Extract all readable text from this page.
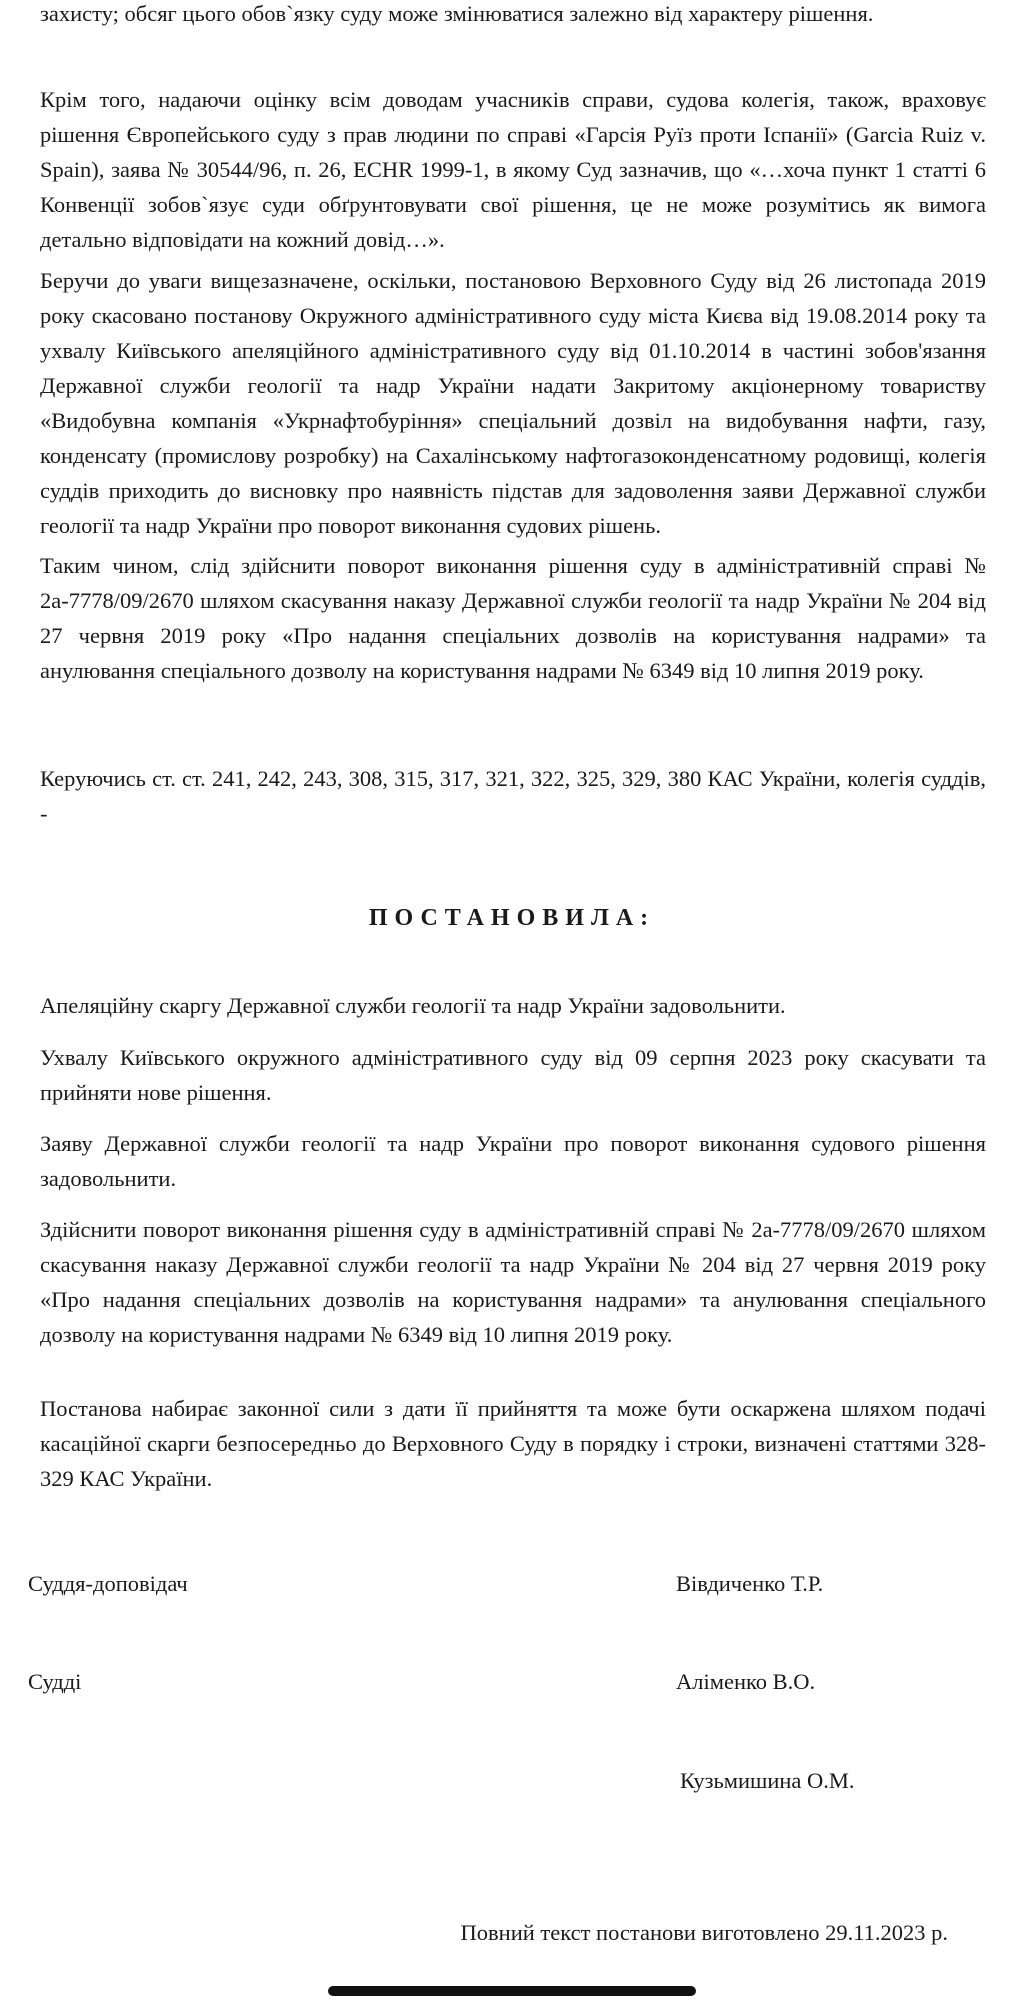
захисту; обсяг цього обов`язку суду може змінюватися залежно від характеру рішення.

Крім того, надаючи оцінку всім доводам учасників справи, судова колегія, також, враховує рішення Європейського суду з прав людини по справі «Гарсія Руїз проти Іспанії» (Garcia Ruiz v. Spain), заява № 30544/96, п. 26, ECHR 1999-1, в якому Суд зазначив, що «…хоча пункт 1 статті 6 Конвенції зобов`язує суди обґрунтовувати свої рішення, це не може розумітись як вимога детально відповідати на кожний довід…».

Беручи до уваги вищезазначене, оскільки, постановою Верховного Суду від 26 листопада 2019 року скасовано постанову Окружного адміністративного суду міста Києва від 19.08.2014 року та ухвалу Київського апеляційного адміністративного суду від 01.10.2014 в частині зобов'язання Державної служби геології та надр України надати Закритому акціонерному товариству «Видобувна компанія «Укрнафтобуріння» спеціальний дозвіл на видобування нафти, газу, конденсату (промислову розробку) на Сахалінському нафтогазоконденсатному родовищі, колегія суддів приходить до висновку про наявність підстав для задоволення заяви Державної служби геології та надр України про поворот виконання судових рішень.

Таким чином, слід здійснити поворот виконання рішення суду в адміністративній справі № 2а-7778/09/2670 шляхом скасування наказу Державної служби геології та надр України № 204 від 27 червня 2019 року «Про надання спеціальних дозволів на користування надрами» та анулювання спеціального дозволу на користування надрами № 6349 від 10 липня 2019 року.

Керуючись ст. ст. 241, 242, 243, 308, 315, 317, 321, 322, 325, 329, 380 КАС України, колегія суддів, -

ПОСТАНОВИЛА:

Апеляційну скаргу Державної служби геології та надр України задовольнити.

Ухвалу Київського окружного адміністративного суду від 09 серпня 2023 року скасувати та прийняти нове рішення.

Заяву Державної служби геології та надр України про поворот виконання судового рішення задовольнити.

Здійснити поворот виконання рішення суду в адміністративній справі № 2а-7778/09/2670 шляхом скасування наказу Державної служби геології та надр України № 204 від 27 червня 2019 року «Про надання спеціальних дозволів на користування надрами» та анулювання спеціального дозволу на користування надрами № 6349 від 10 липня 2019 року.

Постанова набирає законної сили з дати її прийняття та може бути оскаржена шляхом подачі касаційної скарги безпосередньо до Верховного Суду в порядку і строки, визначені статтями 328-329 КАС України.

Суддя-доповідач	Вівдиченко Т.Р.

Судді	Аліменко В.О.

Кузьмишина О.М.

Повний текст постанови виготовлено 29.11.2023 р.
